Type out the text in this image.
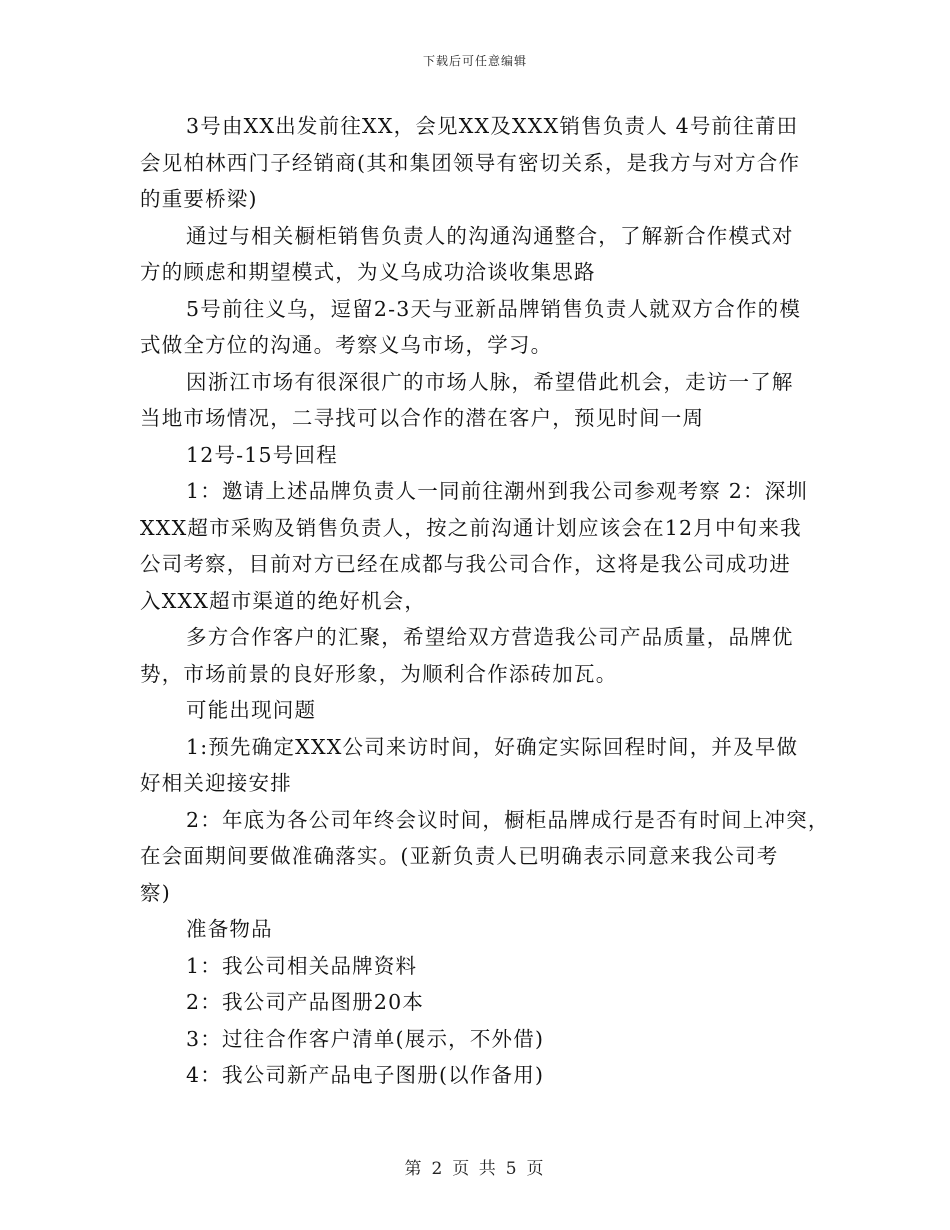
下载后可任意编辑
3号由XX出发前往XX，会见XX及XXX销售负责人 4号前往莆田
会见柏林西门子经销商(其和集团领导有密切关系，是我方与对方合作
的重要桥梁)
通过与相关橱柜销售负责人的沟通沟通整合，了解新合作模式对
方的顾虑和期望模式，为义乌成功洽谈收集思路
5号前往义乌，逗留2-3天与亚新品牌销售负责人就双方合作的模
式做全方位的沟通。考察义乌市场，学习。
因浙江市场有很深很广的市场人脉，希望借此机会，走访一了解
当地市场情况，二寻找可以合作的潜在客户，预见时间一周
12号-15号回程
1：邀请上述品牌负责人一同前往潮州到我公司参观考察 2：深圳
XXX超市采购及销售负责人，按之前沟通计划应该会在12月中旬来我
公司考察，目前对方已经在成都与我公司合作，这将是我公司成功进
入XXX超市渠道的绝好机会，
多方合作客户的汇聚，希望给双方营造我公司产品质量，品牌优
势，市场前景的良好形象，为顺利合作添砖加瓦。
可能出现问题
1:预先确定XXX公司来访时间，好确定实际回程时间，并及早做
好相关迎接安排
2：年底为各公司年终会议时间，橱柜品牌成行是否有时间上冲突，
在会面期间要做准确落实。(亚新负责人已明确表示同意来我公司考
察)
准备物品
1：我公司相关品牌资料
2：我公司产品图册20本
3：过往合作客户清单(展示，不外借)
4：我公司新产品电子图册(以作备用)
第 2 页 共 5 页
